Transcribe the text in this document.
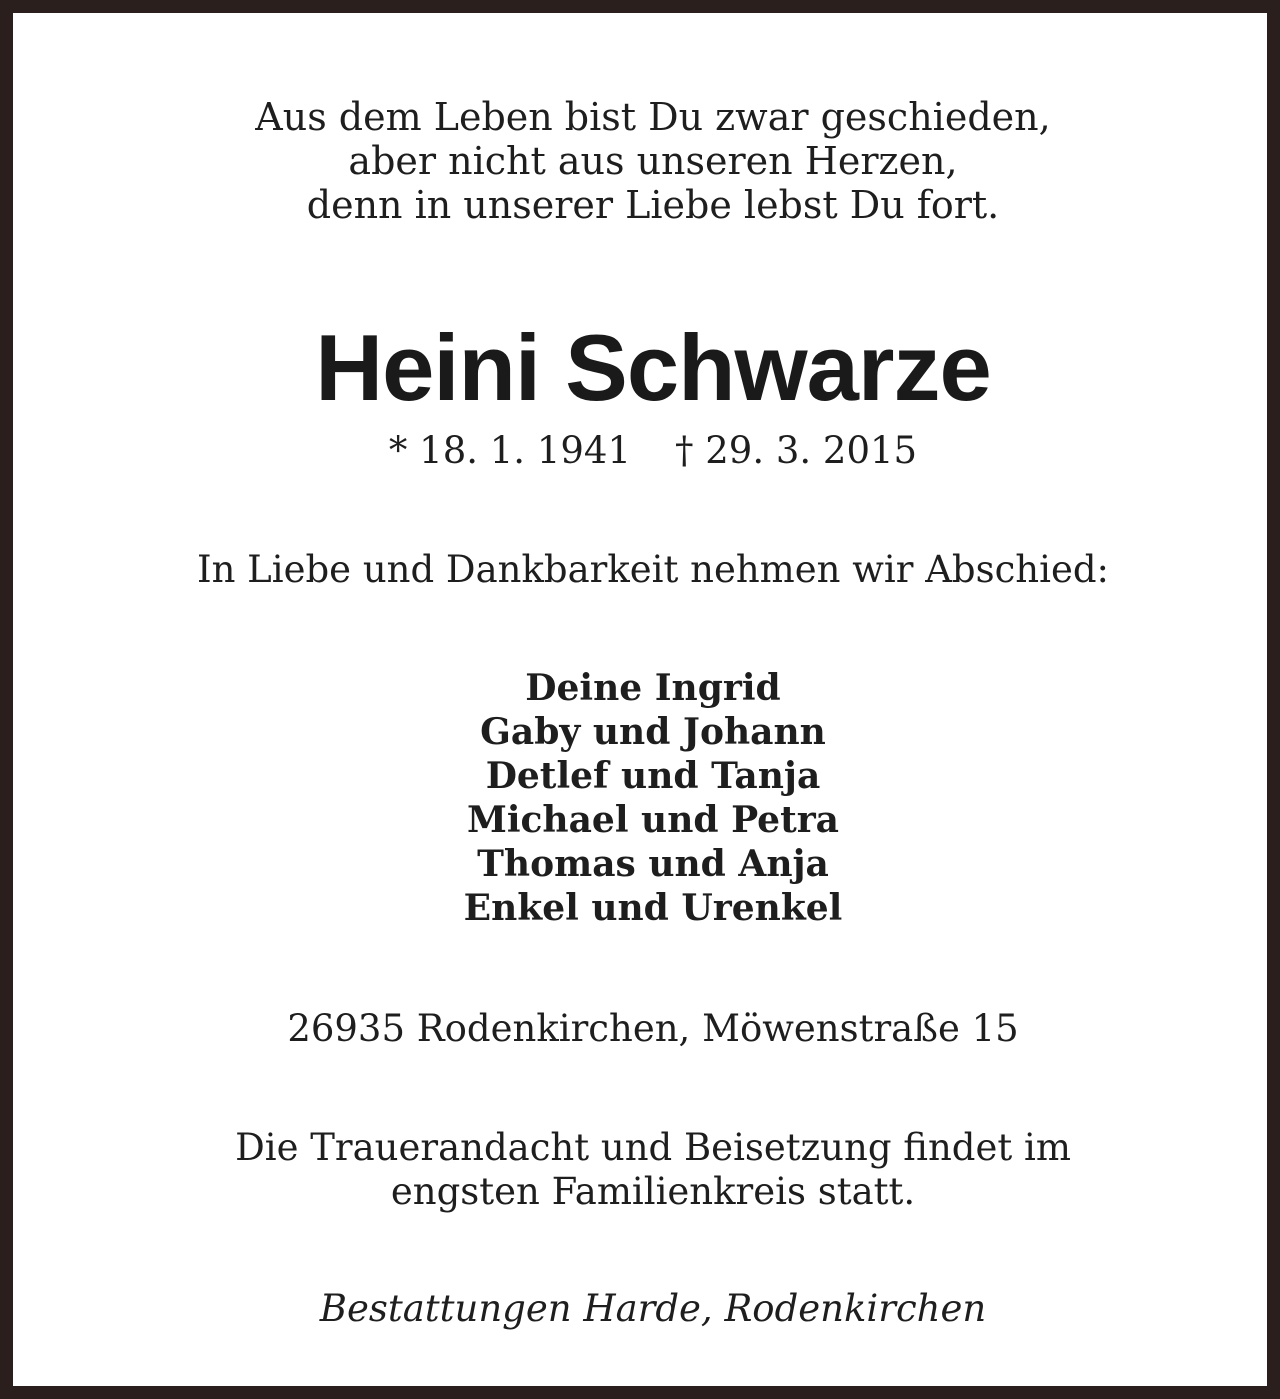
Aus dem Leben bist Du zwar geschieden,
aber nicht aus unseren Herzen,
denn in unserer Liebe lebst Du fort.
Heini Schwarze
* 18. 1. 1941 † 29. 3. 2015
In Liebe und Dankbarkeit nehmen wir Abschied:
Deine Ingrid
Gaby und Johann
Detlef und Tanja
Michael und Petra
Thomas und Anja
Enkel und Urenkel
26935 Rodenkirchen, Möwenstraße 15
Die Trauerandacht und Beisetzung findet im
engsten Familienkreis statt.
Bestattungen Harde, Rodenkirchen
